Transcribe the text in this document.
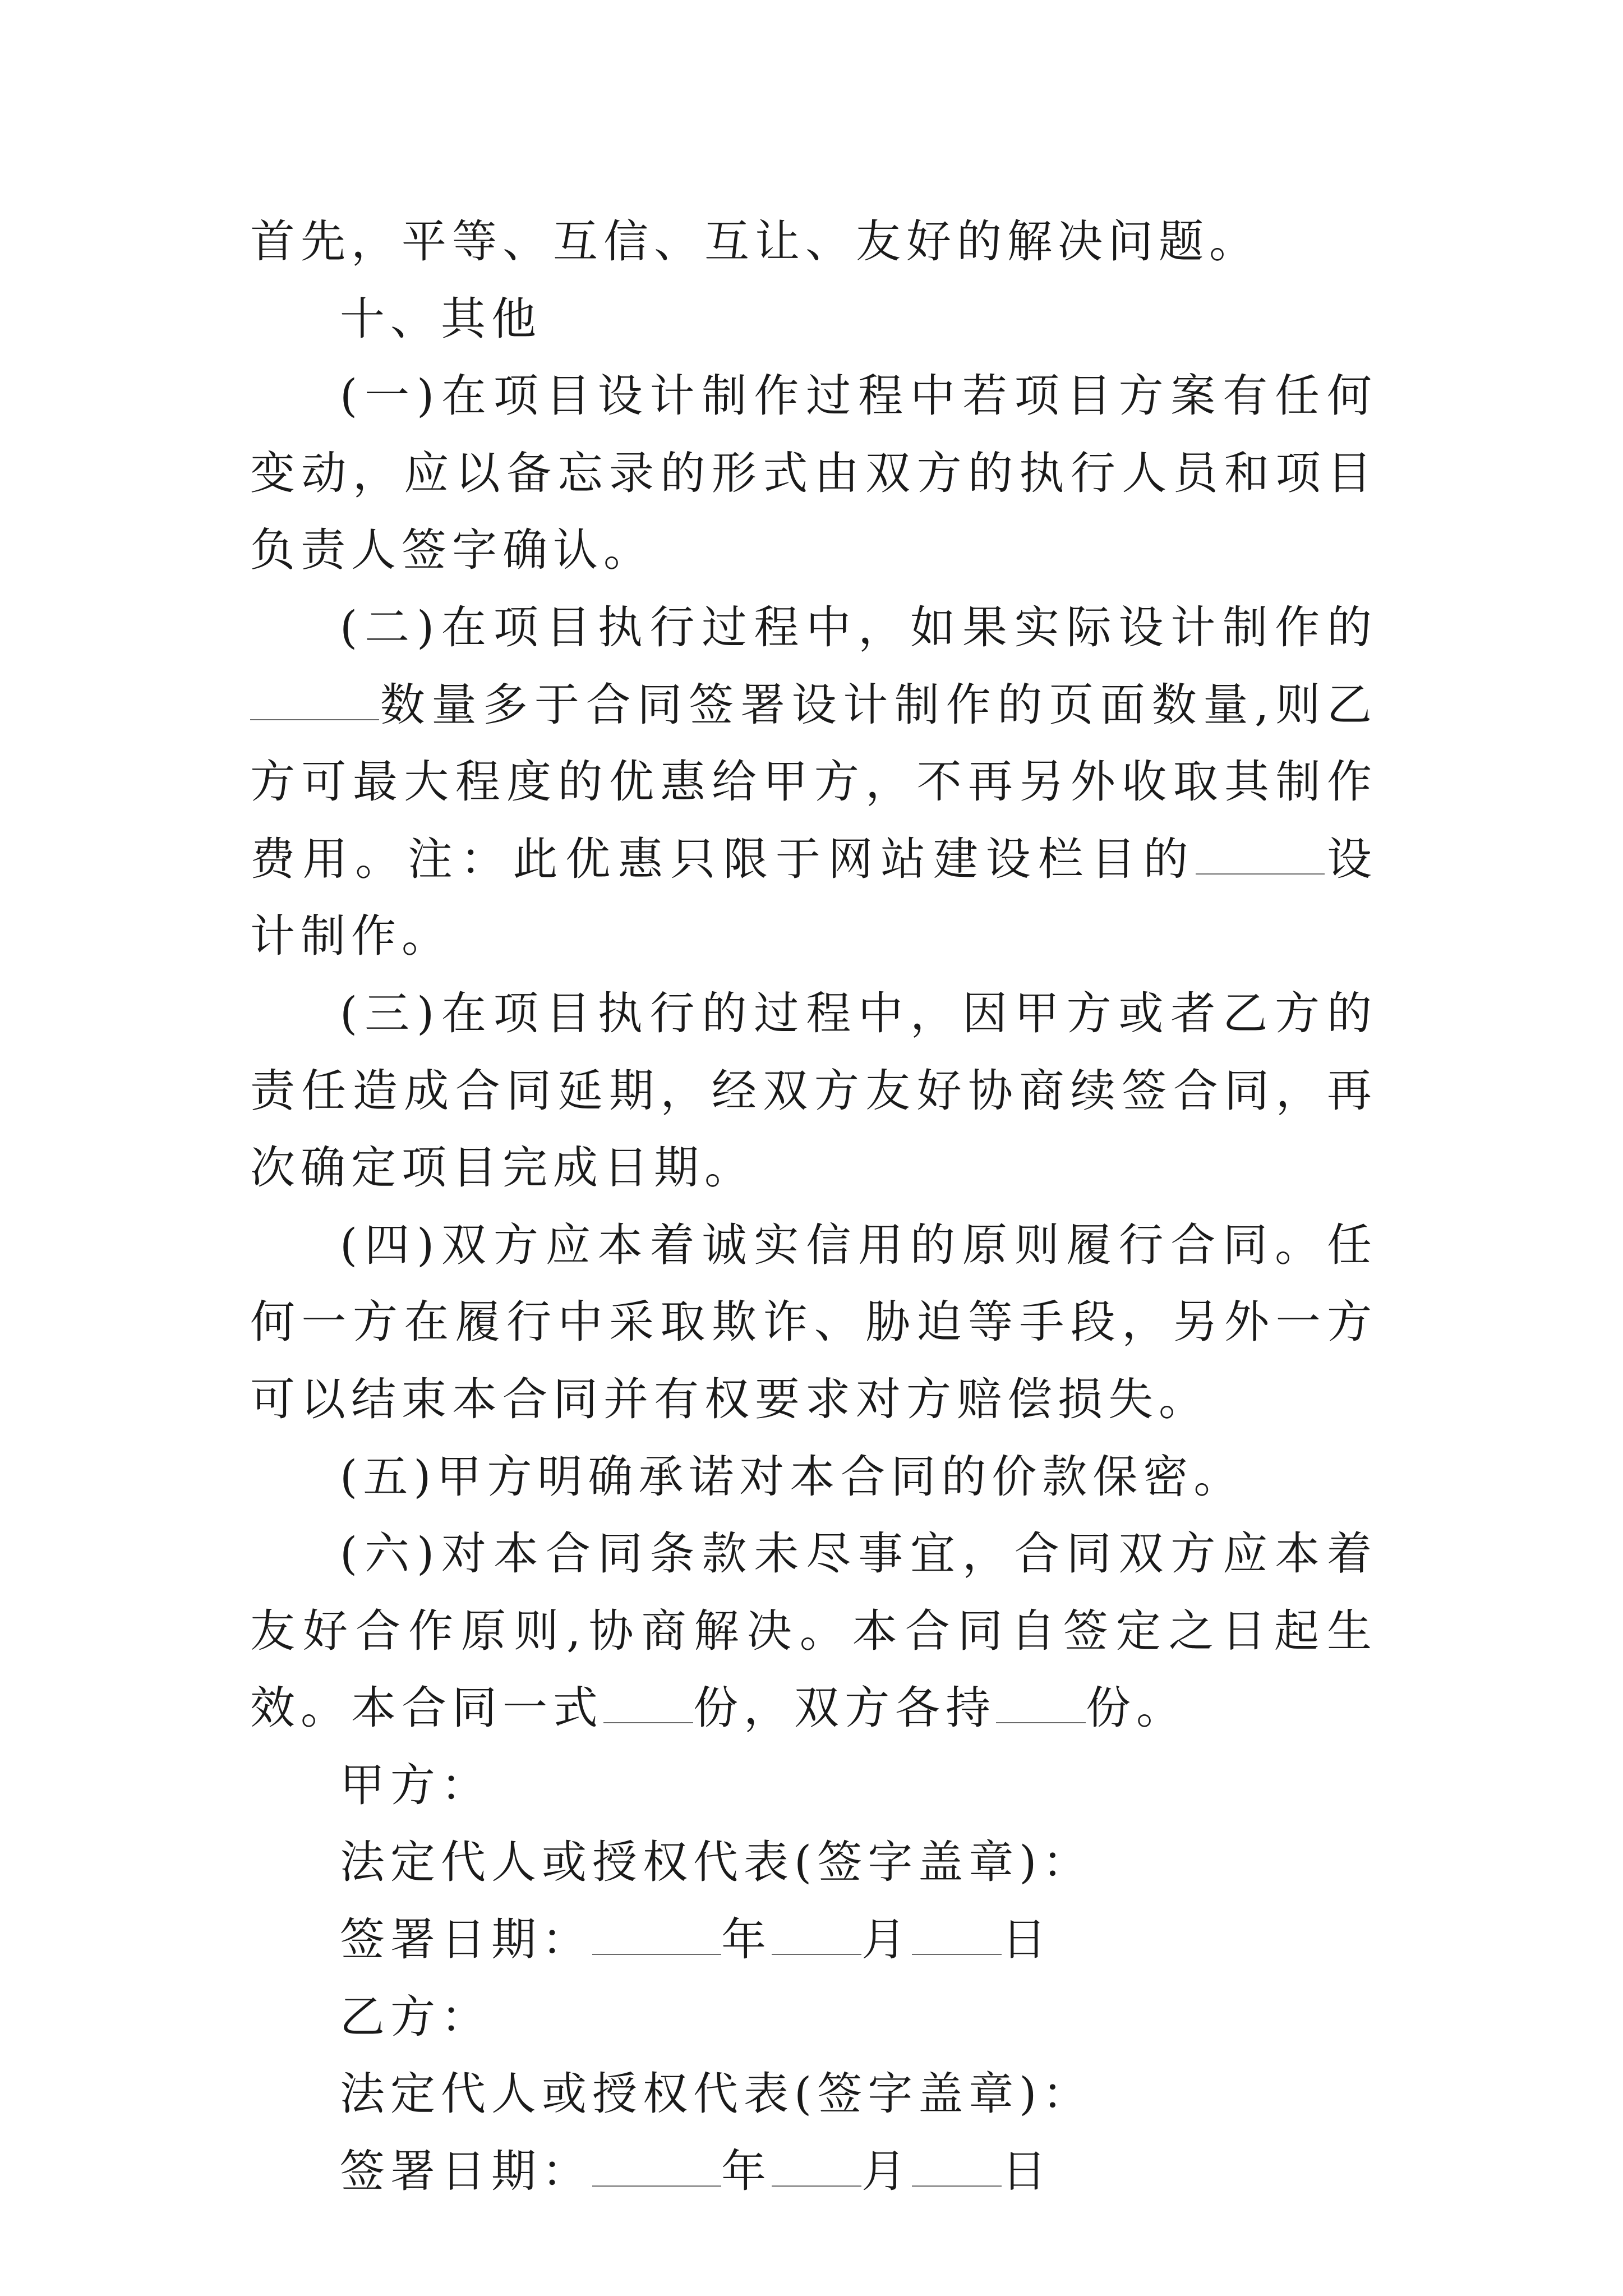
首先，平等、互信、互让、友好的解决问题。

十、其他

(一)在项目设计制作过程中若项目方案有任何变动，应以备忘录的形式由双方的执行人员和项目负责人签字确认。

(二)在项目执行过程中，如果实际设计制作的数量多于合同签署设计制作的页面数量,则乙方可最大程度的优惠给甲方，不再另外收取其制作费用。注：此优惠只限于网站建设栏目的	设计制作。

(三)在项目执行的过程中，因甲方或者乙方的责任造成合同延期，经双方友好协商续签合同，再次确定项目完成日期。

(四)双方应本着诚实信用的原则履行合同。任何一方在履行中采取欺诈、胁迫等手段，另外一方可以结束本合同并有权要求对方赔偿损失。

(五)甲方明确承诺对本合同的价款保密。

(六)对本合同条款未尽事宜，合同双方应本着友好合作原则,协商解决。本合同自签定之日起生效。本合同一式 份，双方各持 份。

甲方：

法定代人或授权代表(签字盖章)：

签署日期：	年 月 日

乙方：

法定代人或授权代表(签字盖章)：

签署日期：	年 月 日
